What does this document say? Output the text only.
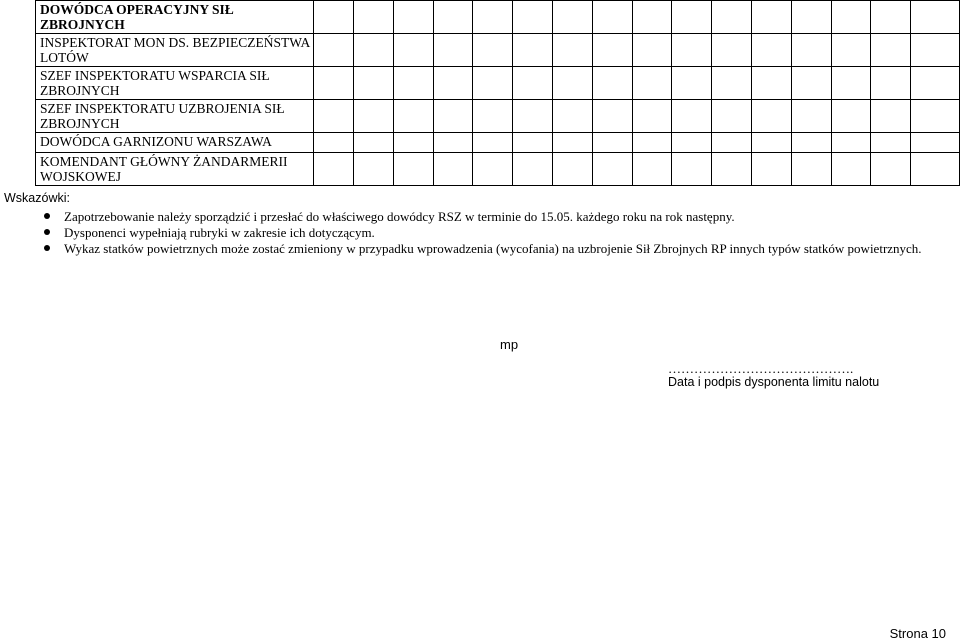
DOWÓDCA OPERACYJNY SIŁ ZBROJNYCH																
INSPEKTORAT MON DS. BEZPIECZEŃSTWA LOTÓW																
SZEF INSPEKTORATU WSPARCIA SIŁ ZBROJNYCH																
SZEF INSPEKTORATU UZBROJENIA SIŁ ZBROJNYCH																
DOWÓDCA GARNIZONU WARSZAWA																
KOMENDANT GŁÓWNY ŻANDARMERII WOJSKOWEJ																
Wskazówki:
Zapotrzebowanie należy sporządzić i przesłać do właściwego dowódcy RSZ w terminie do 15.05. każdego roku na rok następny.
Dysponenci wypełniają rubryki w zakresie ich dotyczącym.
Wykaz statków powietrznych może zostać zmieniony w przypadku wprowadzenia (wycofania) na uzbrojenie Sił Zbrojnych RP innych typów statków powietrznych.
mp
…………………………………….
Data i podpis dysponenta limitu nalotu
Strona 10
